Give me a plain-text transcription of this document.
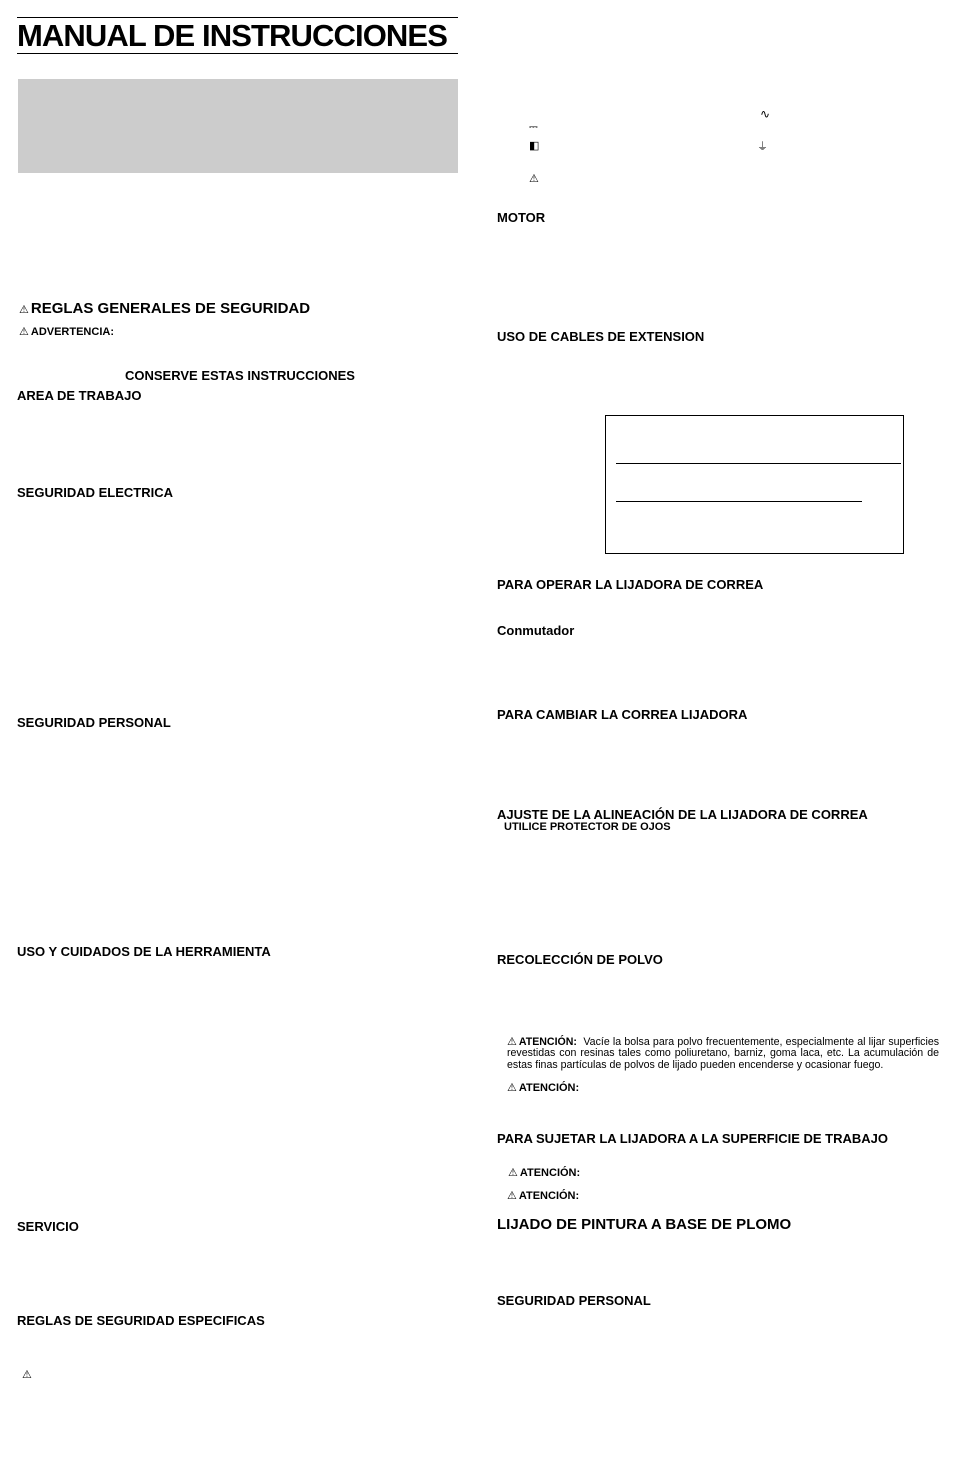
MANUAL DE INSTRUCCIONES
⚠ REGLAS GENERALES DE SEGURIDAD
⚠ ADVERTENCIA:
CONSERVE ESTAS INSTRUCCIONES
AREA DE TRABAJO
SEGURIDAD ELECTRICA
SEGURIDAD PERSONAL
USO Y CUIDADOS DE LA HERRAMIENTA
SERVICIO
REGLAS DE SEGURIDAD ESPECIFICAS
⚠
∿
⎓
◧	⏚
⚠
MOTOR
USO DE CABLES DE EXTENSION
PARA OPERAR LA LIJADORA DE CORREA
Conmutador
PARA CAMBIAR LA CORREA LIJADORA
AJUSTE DE LA ALINEACIÓN DE LA LIJADORA DE CORREA
UTILICE PROTECTOR DE OJOS
RECOLECCIÓN DE POLVO
⚠ ATENCIÓN: Vacíe la bolsa para polvo frecuentemente, especialmente al lijar superficies revestidas con resinas tales como poliuretano, barniz, goma laca, etc. La acumulación de estas finas partículas de polvos de lijado pueden encenderse y ocasionar fuego.
⚠ ATENCIÓN:
PARA SUJETAR LA LIJADORA A LA SUPERFICIE DE TRABAJO
⚠ ATENCIÓN:
⚠ ATENCIÓN:
LIJADO DE PINTURA A BASE DE PLOMO
SEGURIDAD PERSONAL
